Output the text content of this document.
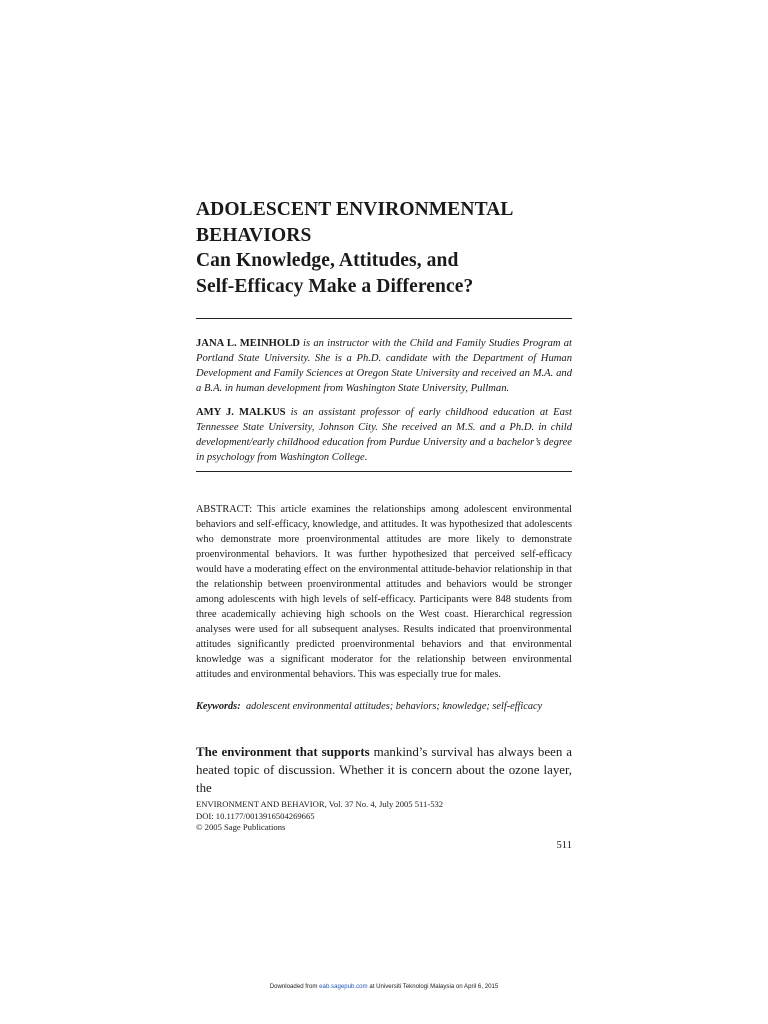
ADOLESCENT ENVIRONMENTAL
BEHAVIORS
Can Knowledge, Attitudes, and
Self-Efficacy Make a Difference?

JANA L. MEINHOLD is an instructor with the Child and Family Studies Program at Portland State University. She is a Ph.D. candidate with the Department of Human Development and Family Sciences at Oregon State University and received an M.A. and a B.A. in human development from Washington State University, Pullman.

AMY J. MALKUS is an assistant professor of early childhood education at East Tennessee State University, Johnson City. She received an M.S. and a Ph.D. in child development/early childhood education from Purdue University and a bachelor’s degree in psychology from Washington College.

ABSTRACT: This article examines the relationships among adolescent environmental behaviors and self-efficacy, knowledge, and attitudes. It was hypothesized that adolescents who demonstrate more proenvironmental attitudes are more likely to demonstrate proenvironmental behaviors. It was further hypothesized that perceived self-efficacy would have a moderating effect on the environmental attitude-behavior relationship in that the relationship between proenvironmental attitudes and behaviors would be stronger among adolescents with high levels of self-efficacy. Participants were 848 students from three academically achieving high schools on the West coast. Hierarchical regression analyses were used for all subsequent analyses. Results indicated that proenvironmental attitudes significantly predicted proenvironmental behaviors and that environmental knowledge was a significant moderator for the relationship between environmental attitudes and environmental behaviors. This was especially true for males.

Keywords: adolescent environmental attitudes; behaviors; knowledge; self-efficacy

The environment that supports mankind’s survival has always been a heated topic of discussion. Whether it is concern about the ozone layer, the

ENVIRONMENT AND BEHAVIOR, Vol. 37 No. 4, July 2005 511-532
DOI: 10.1177/0013916504269665
© 2005 Sage Publications
511
Downloaded from eab.sagepub.com at Universiti Teknologi Malaysia on April 6, 2015
